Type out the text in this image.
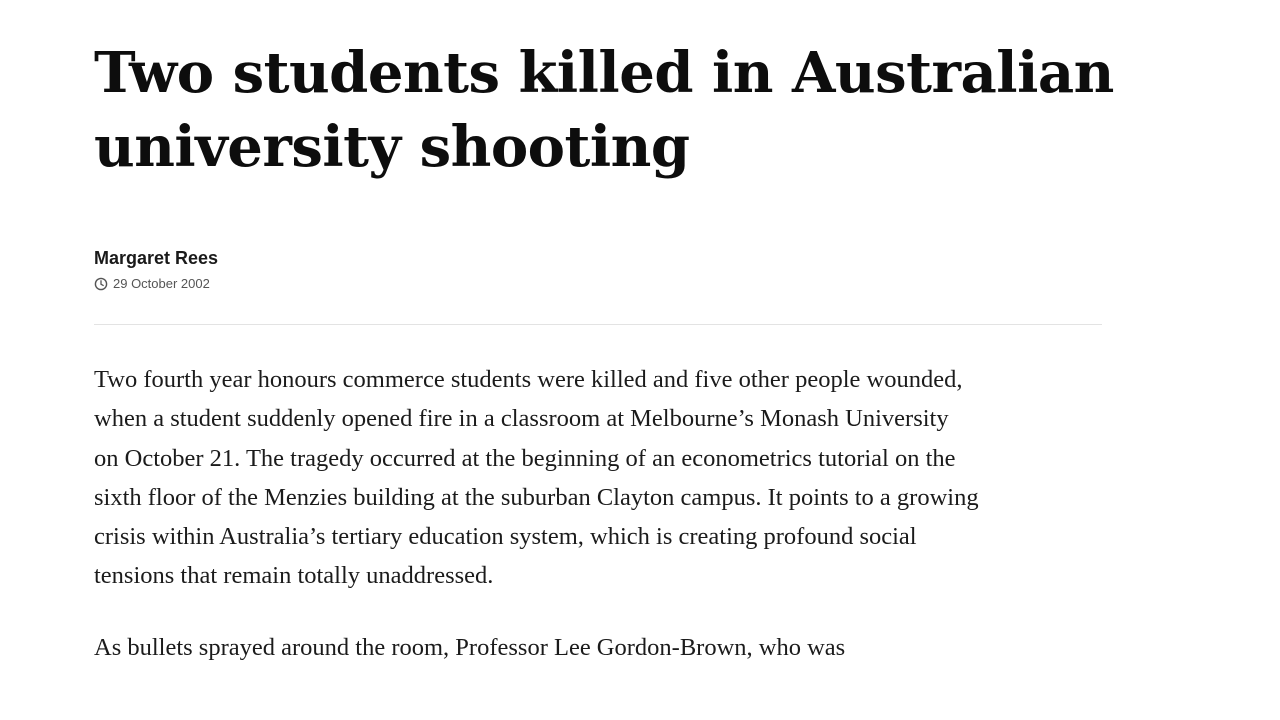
Two students killed in Australian university shooting
Margaret Rees
29 October 2002

Two fourth year honours commerce students were killed and five other people wounded, when a student suddenly opened fire in a classroom at Melbourne’s Monash University on October 21. The tragedy occurred at the beginning of an econometrics tutorial on the sixth floor of the Menzies building at the suburban Clayton campus. It points to a growing crisis within Australia’s tertiary education system, which is creating profound social tensions that remain totally unaddressed.

As bullets sprayed around the room, Professor Lee Gordon-Brown, who was
